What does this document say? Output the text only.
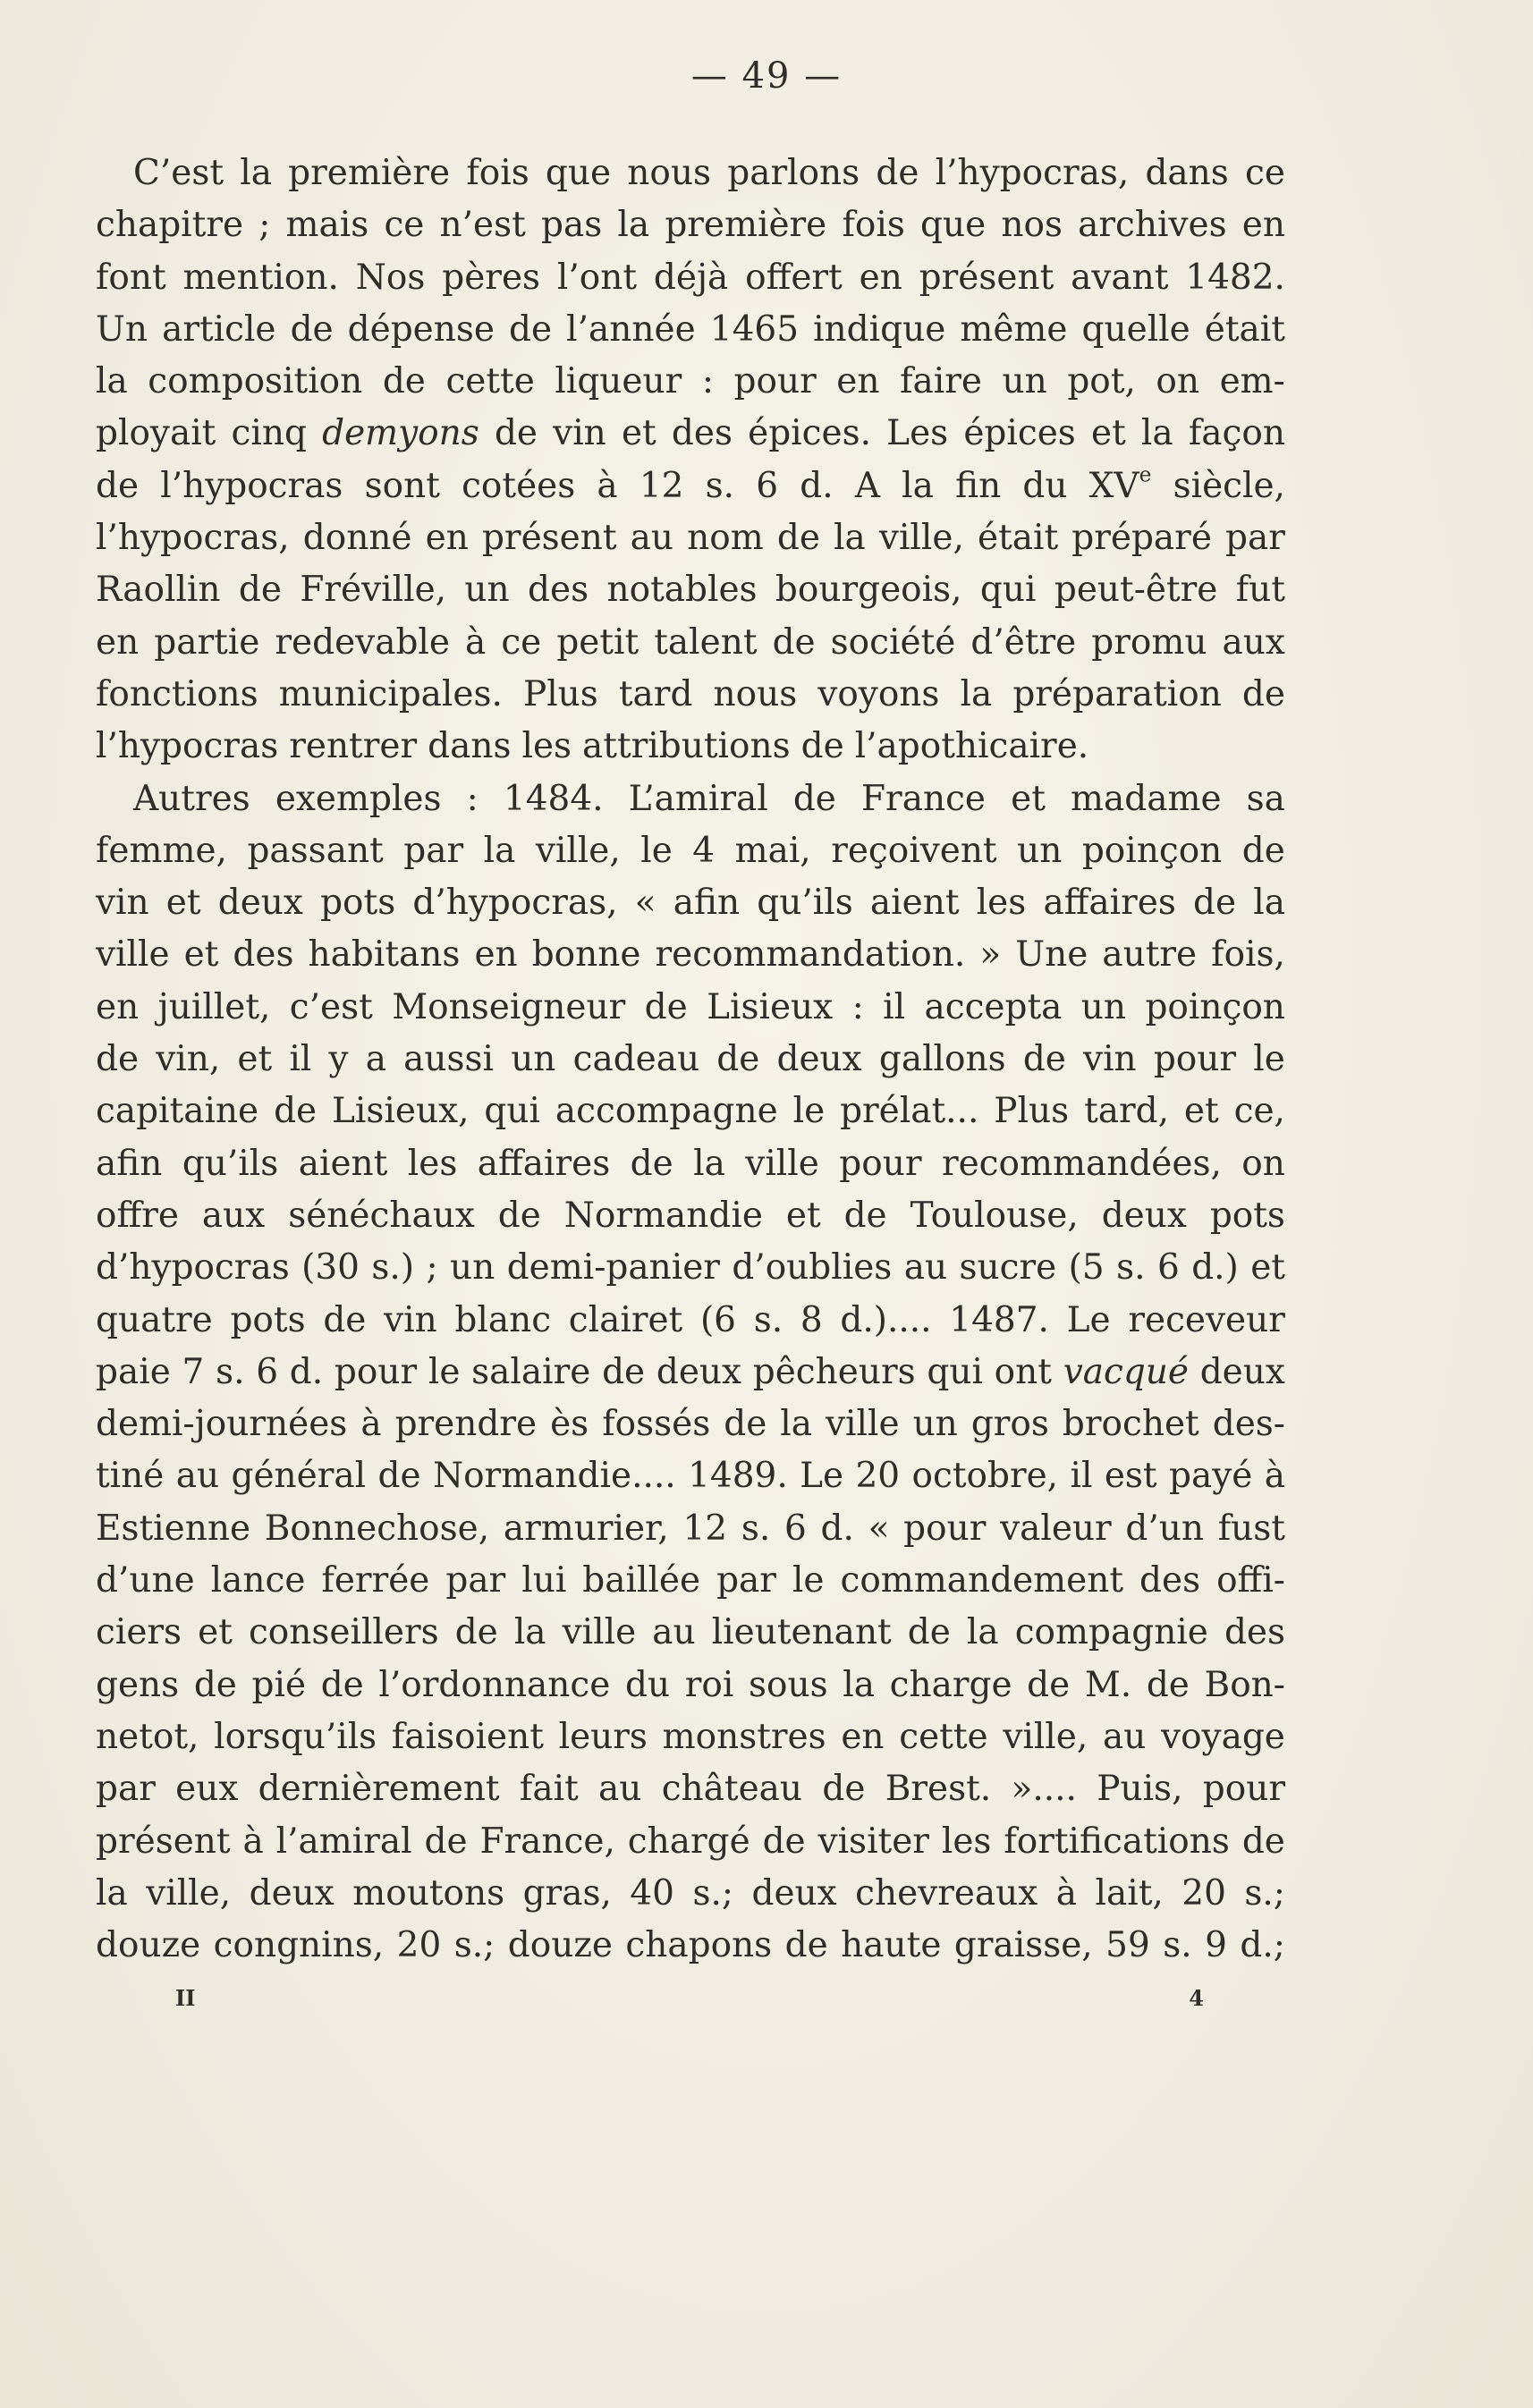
— 49 —
C’est la première fois que nous parlons de l’hypocras, dans ce
chapitre ; mais ce n’est pas la première fois que nos archives en
font mention. Nos pères l’ont déjà offert en présent avant 1482.
Un article de dépense de l’année 1465 indique même quelle était
la composition de cette liqueur : pour en faire un pot, on em-
ployait cinq demyons de vin et des épices. Les épices et la façon
de l’hypocras sont cotées à 12 s. 6 d. A la fin du XVe siècle,
l’hypocras, donné en présent au nom de la ville, était préparé par
Raollin de Fréville, un des notables bourgeois, qui peut-être fut
en partie redevable à ce petit talent de société d’être promu aux
fonctions municipales. Plus tard nous voyons la préparation de
l’hypocras rentrer dans les attributions de l’apothicaire.
Autres exemples : 1484. L’amiral de France et madame sa
femme, passant par la ville, le 4 mai, reçoivent un poinçon de
vin et deux pots d’hypocras, « afin qu’ils aient les affaires de la
ville et des habitans en bonne recommandation. » Une autre fois,
en juillet, c’est Monseigneur de Lisieux : il accepta un poinçon
de vin, et il y a aussi un cadeau de deux gallons de vin pour le
capitaine de Lisieux, qui accompagne le prélat... Plus tard, et ce,
afin qu’ils aient les affaires de la ville pour recommandées, on
offre aux sénéchaux de Normandie et de Toulouse, deux pots
d’hypocras (30 s.) ; un demi-panier d’oublies au sucre (5 s. 6 d.) et
quatre pots de vin blanc clairet (6 s. 8 d.).... 1487. Le receveur
paie 7 s. 6 d. pour le salaire de deux pêcheurs qui ont vacqué deux
demi-journées à prendre ès fossés de la ville un gros brochet des-
tiné au général de Normandie.... 1489. Le 20 octobre, il est payé à
Estienne Bonnechose, armurier, 12 s. 6 d. « pour valeur d’un fust
d’une lance ferrée par lui baillée par le commandement des offi-
ciers et conseillers de la ville au lieutenant de la compagnie des
gens de pié de l’ordonnance du roi sous la charge de M. de Bon-
netot, lorsqu’ils faisoient leurs monstres en cette ville, au voyage
par eux dernièrement fait au château de Brest. ».... Puis, pour
présent à l’amiral de France, chargé de visiter les fortifications de
la ville, deux moutons gras, 40 s.; deux chevreaux à lait, 20 s.;
douze congnins, 20 s.; douze chapons de haute graisse, 59 s. 9 d.;
II	4
